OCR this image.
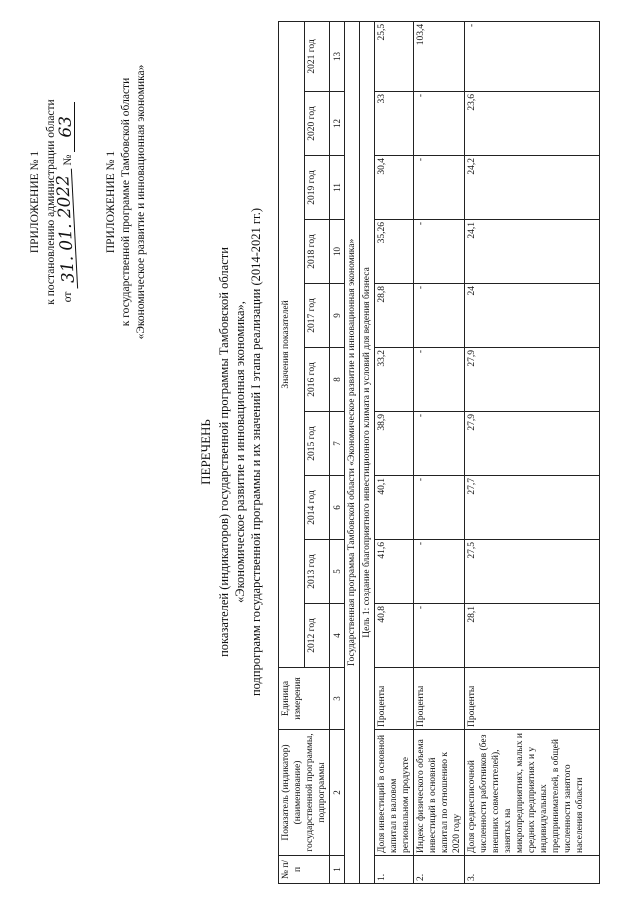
ПРИЛОЖЕНИЕ № 1 к постановлению администрации области от 31. 01. 2022 № 63
ПРИЛОЖЕНИЕ № 1 к государственной программе Тамбовской области «Экономическое развитие и инновационная экономика»
ПЕРЕЧЕНЬ показателей (индикаторов) государственной программы Тамбовской области «Экономическое развитие и инновационная экономика», подпрограмм государственной программы и их значений I этапа реализации (2014-2021 гг.)
№ п/п	Показатель (индикатор) (наименование) государственной программы, подпрограммы	Единица измерения	Значения показателей									
			2012 год	2013 год	2014 год	2015 год	2016 год	2017 год	2018 год	2019 год	2020 год	2021 год
1	2	3	4	5	6	7	8	9	10	11	12	13
Государственная программа Тамбовской области «Экономическое развитие и инновационная экономика»												
Цель 1: создание благоприятного инвестиционного климата и условий для ведения бизнеса												
1.	Доля инвестиций в основной капитал в валовом региональном продукте	Проценты	40,8	41,6	40,1	38,9	33,2	28,8	35,26	30,4	33	25,5
2.	Индекс физического объема инвестиций в основной капитал по отношению к 2020 году	Проценты	-	-	-	-	-	-	-	-	-	103,4
3.	Доля среднесписочной численности работников (без внешних совместителей), занятых на микропредприятиях, малых и средних предприятиях и у индивидуальных предпринимателей, в общей численности занятого населения области	Проценты	28,1	27,5	27,7	27,9	27,9	24	24,1	24,2	23,6	-
